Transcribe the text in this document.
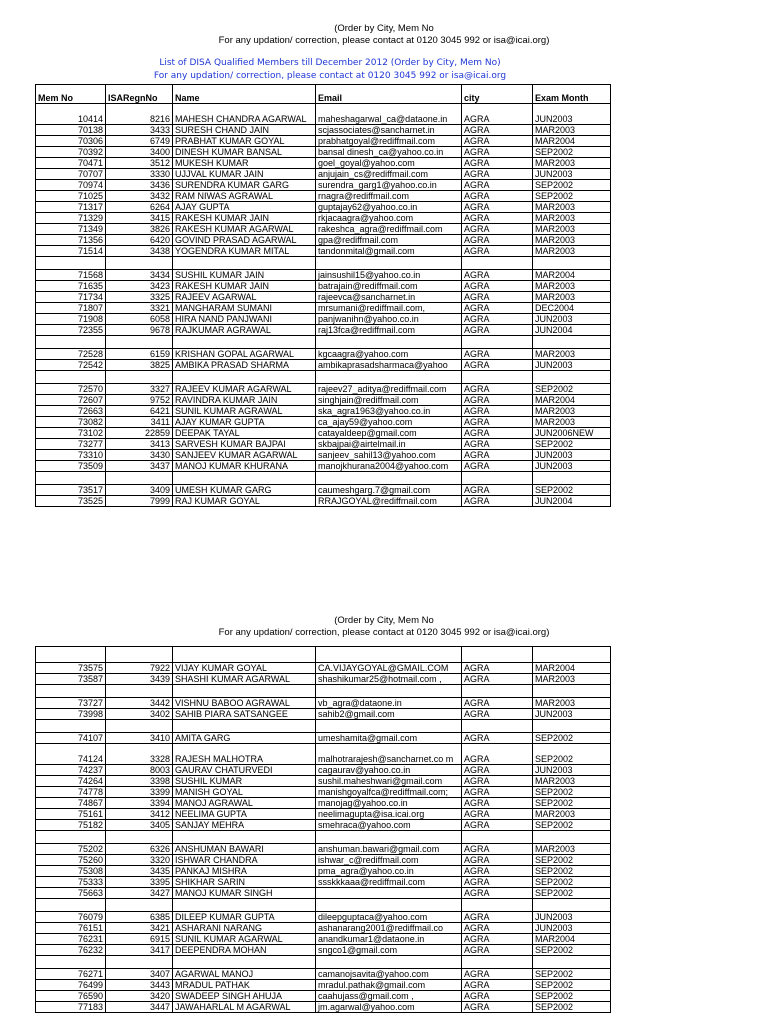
(Order by City, Mem No
For any updation/ correction, please contact at 0120 3045 992 or isa@icai.org)
List of DISA Qualified Members till December 2012 (Order by City, Mem No)
For any updation/ correction, please contact at 0120 3045 992 or isa@icai.org
Mem No	ISARegnNo	Name	Email	city	Exam Month
10414	8216	MAHESH CHANDRA AGARWAL	maheshagarwal_ca@dataone.in	AGRA	JUN2003
70138	3433	SURESH CHAND JAIN	scjassociates@sancharnet.in	AGRA	MAR2003
70306	6749	PRABHAT KUMAR GOYAL	prabhatgoyal@rediffmail.com	AGRA	MAR2004
70392	3400	DINESH KUMAR BANSAL	bansal dinesh_ca@yahoo.co.in	AGRA	SEP2002
70471	3512	MUKESH KUMAR	goel_goyal@yahoo.com	AGRA	MAR2003
70707	3330	UJJVAL KUMAR JAIN	anjujain_cs@rediffmail.com	AGRA	JUN2003
70974	3436	SURENDRA KUMAR GARG	surendra_garg1@yahoo.co.in	AGRA	SEP2002
71025	3432	RAM NIWAS AGRAWAL	rnagra@rediffmail.com	AGRA	SEP2002
71317	6264	AJAY GUPTA	guptajay62@yahoo.co.in	AGRA	MAR2003
71329	3415	RAKESH KUMAR JAIN	rkjacaagra@yahoo.com	AGRA	MAR2003
71349	3826	RAKESH KUMAR AGARWAL	rakeshca_agra@rediffmail.com	AGRA	MAR2003
71356	6420	GOVIND PRASAD AGARWAL	gpa@rediffmail.com	AGRA	MAR2003
71514	3438	YOGENDRA KUMAR MITAL	tandonmital@gmail.com	AGRA	MAR2003

71568	3434	SUSHIL KUMAR JAIN	jainsushil15@yahoo.co.in	AGRA	MAR2004
71635	3423	RAKESH KUMAR JAIN	batrajain@rediffmail.com	AGRA	MAR2003
71734	3325	RAJEEV AGARWAL	rajeevca@sancharnet.in	AGRA	MAR2003
71807	3321	MANGHARAM SUMANI	mrsumani@rediffmail.com,	AGRA	DEC2004
71908	6058	HIRA NAND PANJWANI	panjwanihn@yahoo.co.in	AGRA	JUN2003
72355	9678	RAJKUMAR AGRAWAL	raj13fca@rediffmail.com	AGRA	JUN2004

72528	6159	KRISHAN GOPAL AGARWAL	kgcaagra@yahoo.com	AGRA	MAR2003
72542	3825	AMBIKA PRASAD SHARMA	ambikaprasadsharmaca@yahoo	AGRA	JUN2003

72570	3327	RAJEEV KUMAR AGARWAL	rajeev27_aditya@rediffmail.com	AGRA	SEP2002
72607	9752	RAVINDRA KUMAR JAIN	singhjain@rediffmail.com	AGRA	MAR2004
72663	6421	SUNIL KUMAR AGRAWAL	ska_agra1963@yahoo.co.in	AGRA	MAR2003
73082	3411	AJAY KUMAR GUPTA	ca_ajay59@yahoo.com	AGRA	MAR2003
73102	22859	DEEPAK TAYAL	catayaldeep@gmail.com	AGRA	JUN2006NEW
73277	3413	SARVESH KUMAR BAJPAI	skbajpai@airtelmail.in	AGRA	SEP2002
73310	3430	SANJEEV KUMAR AGARWAL	sanjeev_sahil13@yahoo.com	AGRA	JUN2003
73509	3437	MANOJ KUMAR KHURANA	manojkhurana2004@yahoo.com	AGRA	JUN2003

73517	3409	UMESH KUMAR GARG	caumeshgarg.7@gmail.com	AGRA	SEP2002
73525	7999	RAJ KUMAR GOYAL	RRAJGOYAL@rediffmail.com	AGRA	JUN2004
(Order by City, Mem No
For any updation/ correction, please contact at 0120 3045 992 or isa@icai.org)

73575	7922	VIJAY KUMAR GOYAL	CA.VIJAYGOYAL@GMAIL.COM	AGRA	MAR2004
73587	3439	SHASHI KUMAR AGARWAL	shashikumar25@hotmail.com ,	AGRA	MAR2003

73727	3442	VISHNU BABOO AGRAWAL	vb_agra@dataone.in	AGRA	MAR2003
73998	3402	SAHIB PIARA SATSANGEE	sahib2@gmail.com	AGRA	JUN2003

74107	3410	AMITA GARG	umeshamita@gmail.com	AGRA	SEP2002
74124	3328	RAJESH MALHOTRA	malhotrarajesh@sancharnet.co m	AGRA	SEP2002
74237	8003	GAURAV CHATURVEDI	cagaurav@yahoo.co.in	AGRA	JUN2003
74264	3398	SUSHIL KUMAR	sushil.maheshwari@gmail.com	AGRA	MAR2003
74778	3399	MANISH GOYAL	manishgoyalfca@rediffmail.com;	AGRA	SEP2002
74867	3394	MANOJ AGRAWAL	manojag@yahoo.co.in	AGRA	SEP2002
75161	3412	NEELIMA GUPTA	neelimagupta@isa.icai.org	AGRA	MAR2003
75182	3405	SANJAY MEHRA	smehraca@yahoo.com	AGRA	SEP2002

75202	6326	ANSHUMAN BAWARI	anshuman.bawari@gmail.com	AGRA	MAR2003
75260	3320	ISHWAR CHANDRA	ishwar_c@rediffmail.com	AGRA	SEP2002
75308	3435	PANKAJ MISHRA	pma_agra@yahoo.co.in	AGRA	SEP2002
75333	3395	SHIKHAR SARIN	ssskkkaaa@rediffmail.com	AGRA	SEP2002
75663	3427	MANOJ KUMAR SINGH		AGRA	SEP2002

76079	6385	DILEEP KUMAR GUPTA	dileepguptaca@yahoo.com	AGRA	JUN2003
76151	3421	ASHARANI NARANG	ashanarang2001@rediffmail.co	AGRA	JUN2003
76231	6915	SUNIL KUMAR AGARWAL	anandkumar1@dataone.in	AGRA	MAR2004
76232	3417	DEEPENDRA MOHAN	sngco1@gmail.com	AGRA	SEP2002

76271	3407	AGARWAL MANOJ	camanojsavita@yahoo.com	AGRA	SEP2002
76499	3443	MRADUL PATHAK	mradul.pathak@gmail.com	AGRA	SEP2002
76590	3420	SWADEEP SINGH AHUJA	caahujass@gmail.com ,	AGRA	SEP2002
77183	3447	JAWAHARLAL M AGARWAL	jm.agarwal@yahoo.com	AGRA	SEP2002
